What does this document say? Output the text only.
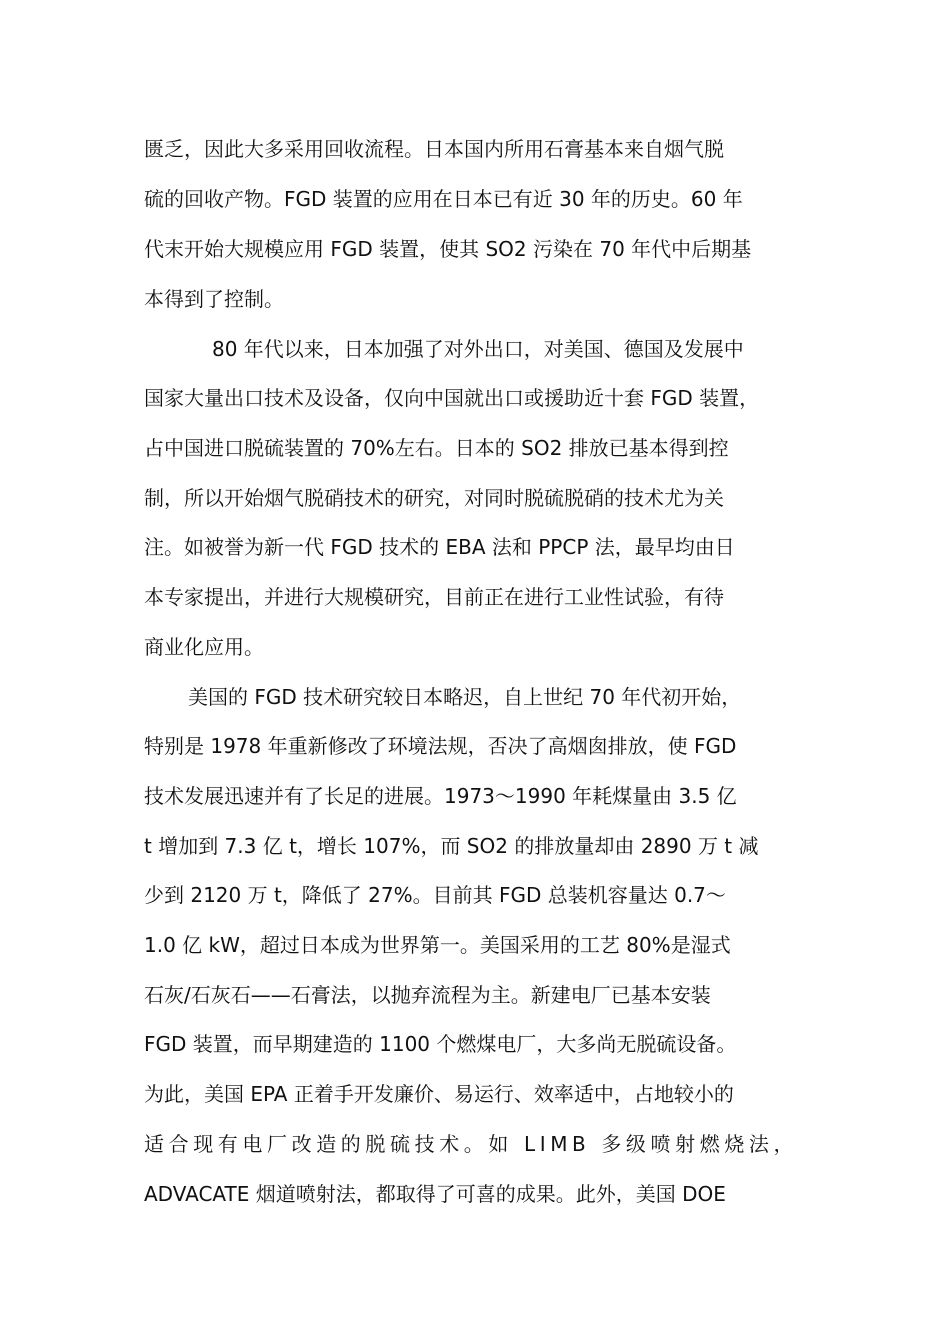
匮乏，因此大多采用回收流程。日本国内所用石膏基本来自烟气脱
硫的回收产物。FGD 装置的应用在日本已有近 30 年的历史。60 年
代末开始大规模应用 FGD 装置，使其 SO2 污染在 70 年代中后期基
本得到了控制。
80 年代以来，日本加强了对外出口，对美国、德国及发展中
国家大量出口技术及设备，仅向中国就出口或援助近十套 FGD 装置，
占中国进口脱硫装置的 70%左右。日本的 SO2 排放已基本得到控
制，所以开始烟气脱硝技术的研究，对同时脱硫脱硝的技术尤为关
注。如被誉为新一代 FGD 技术的 EBA 法和 PPCP 法，最早均由日
本专家提出，并进行大规模研究，目前正在进行工业性试验，有待
商业化应用。
美国的 FGD 技术研究较日本略迟，自上世纪 70 年代初开始，
特别是 1978 年重新修改了环境法规，否决了高烟囱排放，使 FGD
技术发展迅速并有了长足的进展。1973～1990 年耗煤量由 3.5 亿
t 增加到 7.3 亿 t，增长 107%，而 SO2 的排放量却由 2890 万 t 减
少到 2120 万 t，降低了 27%。目前其 FGD 总装机容量达 0.7～
1.0 亿 kW，超过日本成为世界第一。美国采用的工艺 80%是湿式
石灰/石灰石——石膏法，以抛弃流程为主。新建电厂已基本安装
FGD 装置，而早期建造的 1100 个燃煤电厂，大多尚无脱硫设备。
为此，美国 EPA 正着手开发廉价、易运行、效率适中，占地较小的
适合现有电厂改造的脱硫技术。如 LIMB 多级喷射燃烧法，
ADVACATE 烟道喷射法，都取得了可喜的成果。此外，美国 DOE
